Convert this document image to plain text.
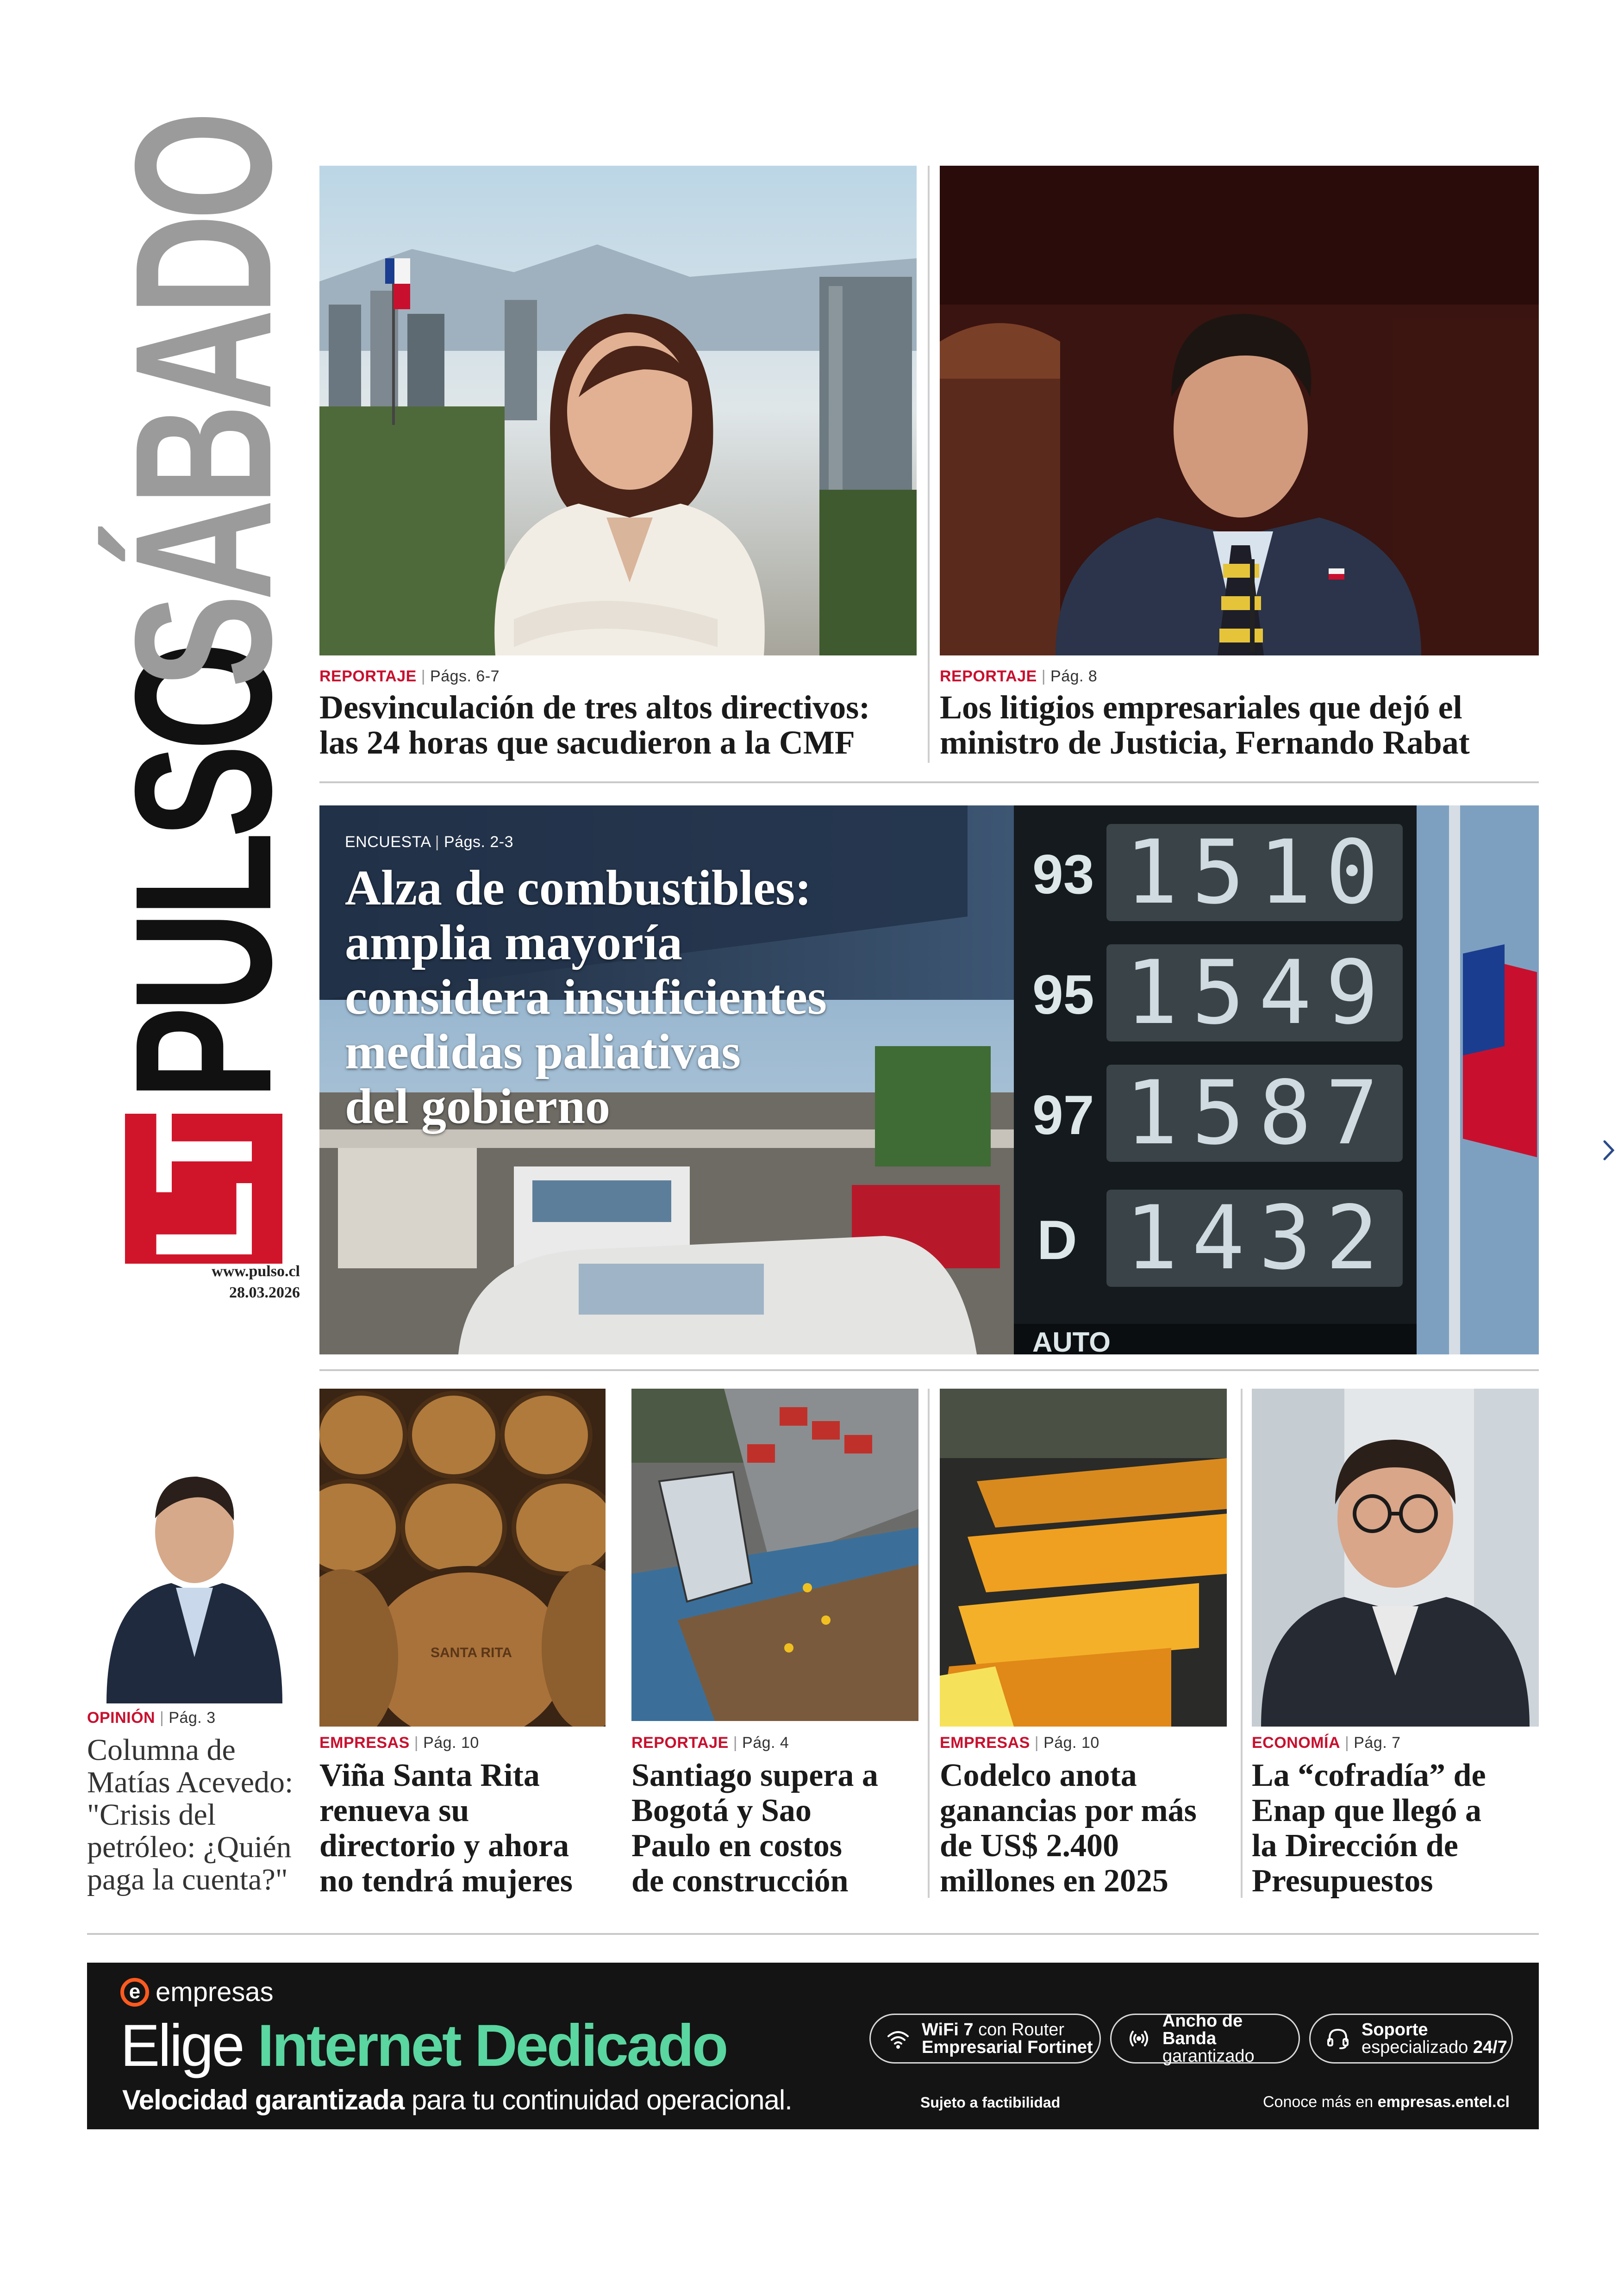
LT
PULSO
SÁBADO
www.pulso.cl
28.03.2026
REPORTAJE | Págs. 6-7
Desvinculación de tres altos directivos:
las 24 horas que sacudieron a la CMF
REPORTAJE | Pág. 8
Los litigios empresariales que dejó el
ministro de Justicia, Fernando Rabat
93
95
97
D
1510
1549
1587
1432
AUTO
ENCUESTA | Págs. 2-3
Alza de combustibles:
amplia mayoría
considera insuficientes
medidas paliativas
del gobierno
OPINIÓN | Pág. 3
Columna de
Matías Acevedo:
"Crisis del
petróleo: ¿Quién
paga la cuenta?"
SANTA RITA
EMPRESAS | Pág. 10
Viña Santa Rita
renueva su
directorio y ahora
no tendrá mujeres
REPORTAJE | Pág. 4
Santiago supera a
Bogotá y Sao
Paulo en costos
de construcción
EMPRESAS | Pág. 10
Codelco anota
ganancias por más
de US$ 2.400
millones en 2025
ECONOMÍA | Pág. 7
La “cofradía” de
Enap que llegó a
la Dirección de
Presupuestos
e empresas
Elige Internet Dedicado
Velocidad garantizada para tu continuidad operacional.
WiFi 7 con Router
Empresarial Fortinet
Ancho de Banda
garantizado
Soporte
especializado 24/7
Sujeto a factibilidad	Conoce más en empresas.entel.cl
